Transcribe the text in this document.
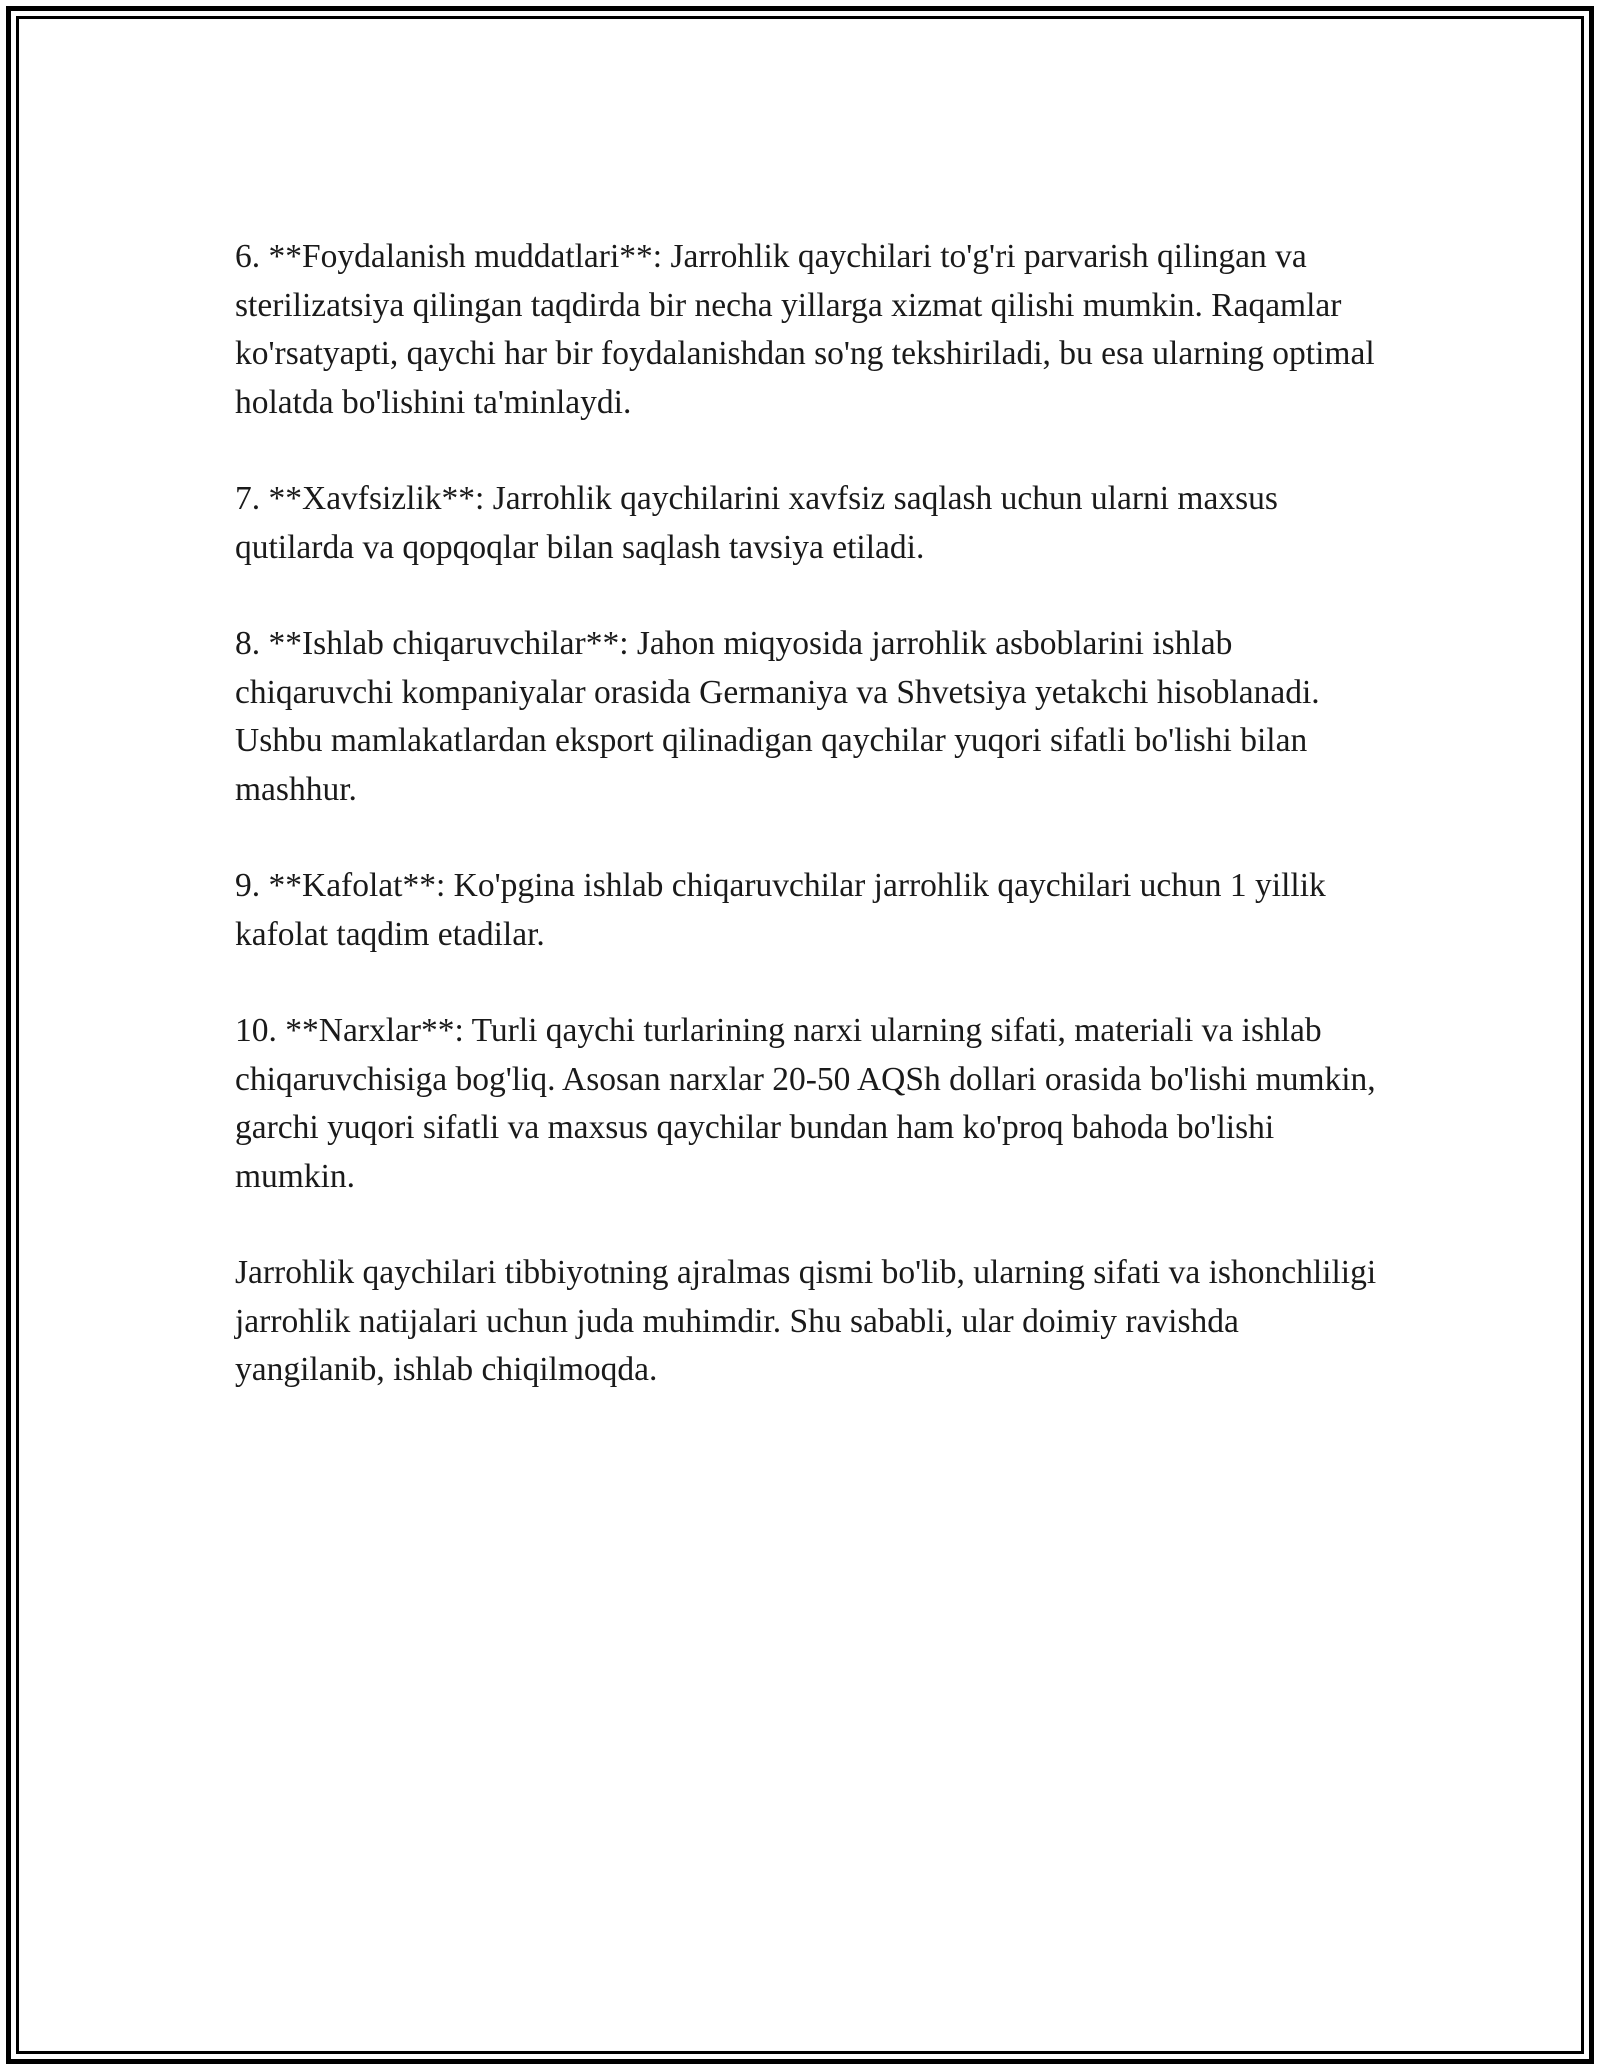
6. **Foydalanish muddatlari**: Jarrohlik qaychilari to'g'ri parvarish qilingan va sterilizatsiya qilingan taqdirda bir necha yillarga xizmat qilishi mumkin. Raqamlar ko'rsatyapti, qaychi har bir foydalanishdan so'ng tekshiriladi, bu esa ularning optimal holatda bo'lishini ta'minlaydi.

7. **Xavfsizlik**: Jarrohlik qaychilarini xavfsiz saqlash uchun ularni maxsus qutilarda va qopqoqlar bilan saqlash tavsiya etiladi.

8. **Ishlab chiqaruvchilar**: Jahon miqyosida jarrohlik asboblarini ishlab chiqaruvchi kompaniyalar orasida Germaniya va Shvetsiya yetakchi hisoblanadi. Ushbu mamlakatlardan eksport qilinadigan qaychilar yuqori sifatli bo'lishi bilan mashhur.

9. **Kafolat**: Ko'pgina ishlab chiqaruvchilar jarrohlik qaychilari uchun 1 yillik kafolat taqdim etadilar.

10. **Narxlar**: Turli qaychi turlarining narxi ularning sifati, materiali va ishlab chiqaruvchisiga bog'liq. Asosan narxlar 20-50 AQSh dollari orasida bo'lishi mumkin, garchi yuqori sifatli va maxsus qaychilar bundan ham ko'proq bahoda bo'lishi mumkin.

Jarrohlik qaychilari tibbiyotning ajralmas qismi bo'lib, ularning sifati va ishonchliligi jarrohlik natijalari uchun juda muhimdir. Shu sababli, ular doimiy ravishda yangilanib, ishlab chiqilmoqda.
